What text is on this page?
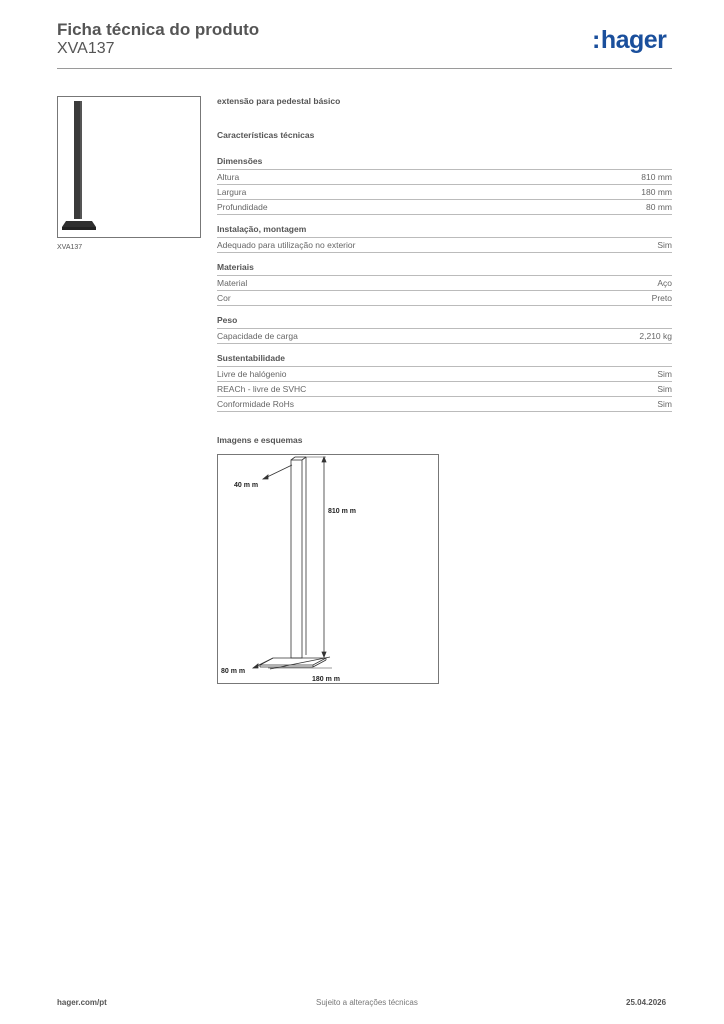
Ficha técnica do produto
XVA137	:hager
XVA137
extensão para pedestal básico
Características técnicas
Dimensões
Altura	810 mm
Largura	180 mm
Profundidade	80 mm
Instalação, montagem
Adequado para utilização no exterior	Sim
Materiais
Material	Aço
Cor	Preto
Peso
Capacidade de carga	2,210 kg
Sustentabilidade
Livre de halógenio	Sim
REACh - livre de SVHC	Sim
Conformidade RoHs	Sim
Imagens e esquemas
40 m m
810 m m
80 m m
180 m m
hager.com/pt	Sujeito a alterações técnicas	25.04.2026
